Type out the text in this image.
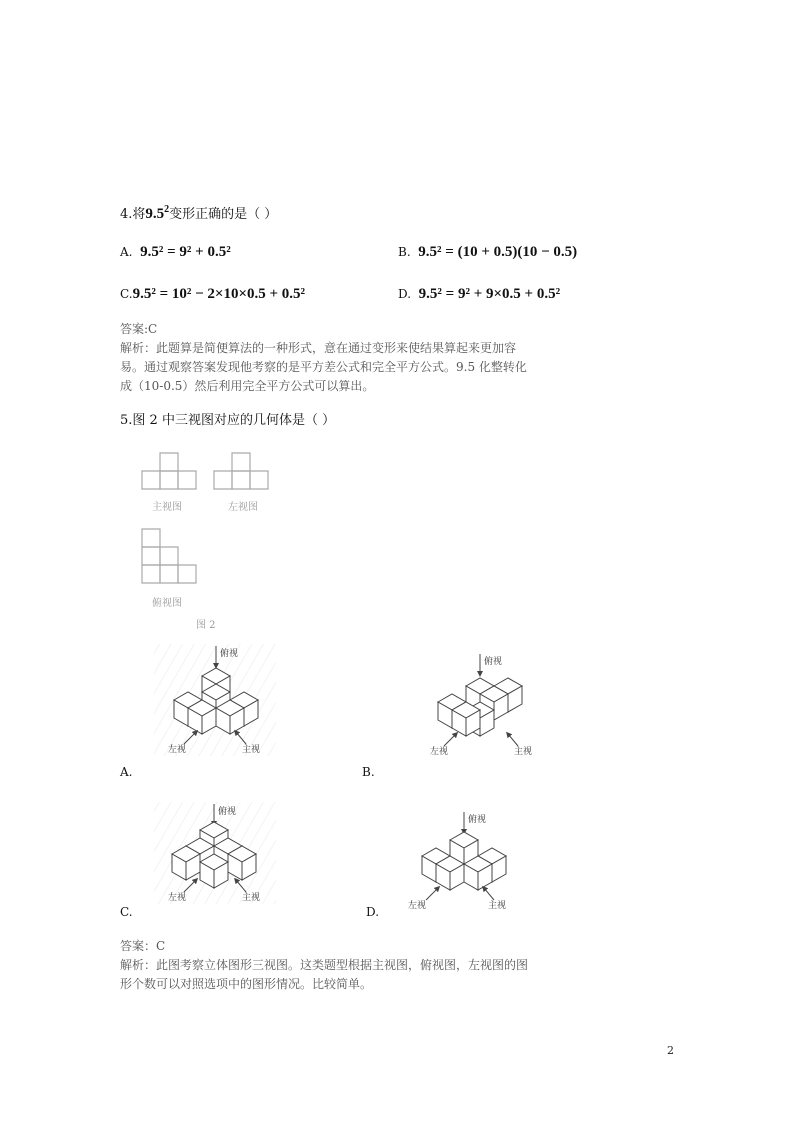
4.将$9.5^2$变形正确的是（ ）
A. 9.5² = 9² + 0.5²	B. 9.5² = (10 + 0.5)(10 − 0.5)
C.9.5² = 10² − 2×10×0.5 + 0.5²	D. 9.5² = 9² + 9×0.5 + 0.5²
答案:C
解析：此题算是简便算法的一种形式，意在通过变形来使结果算起来更加容
易。通过观察答案发现他考察的是平方差公式和完全平方公式。9.5 化整转化
成（10-0.5）然后利用完全平方公式可以算出。
5.图 2 中三视图对应的几何体是（ ）
主视图	左视图
俯视图
图 2
俯视
左视	主视
A.
俯视
左视	主视
B.
俯视
左视	主视
C.
俯视
左视	主视
D.
答案：C
解析：此图考察立体图形三视图。这类题型根据主视图，俯视图，左视图的图
形个数可以对照选项中的图形情况。比较简单。
2
